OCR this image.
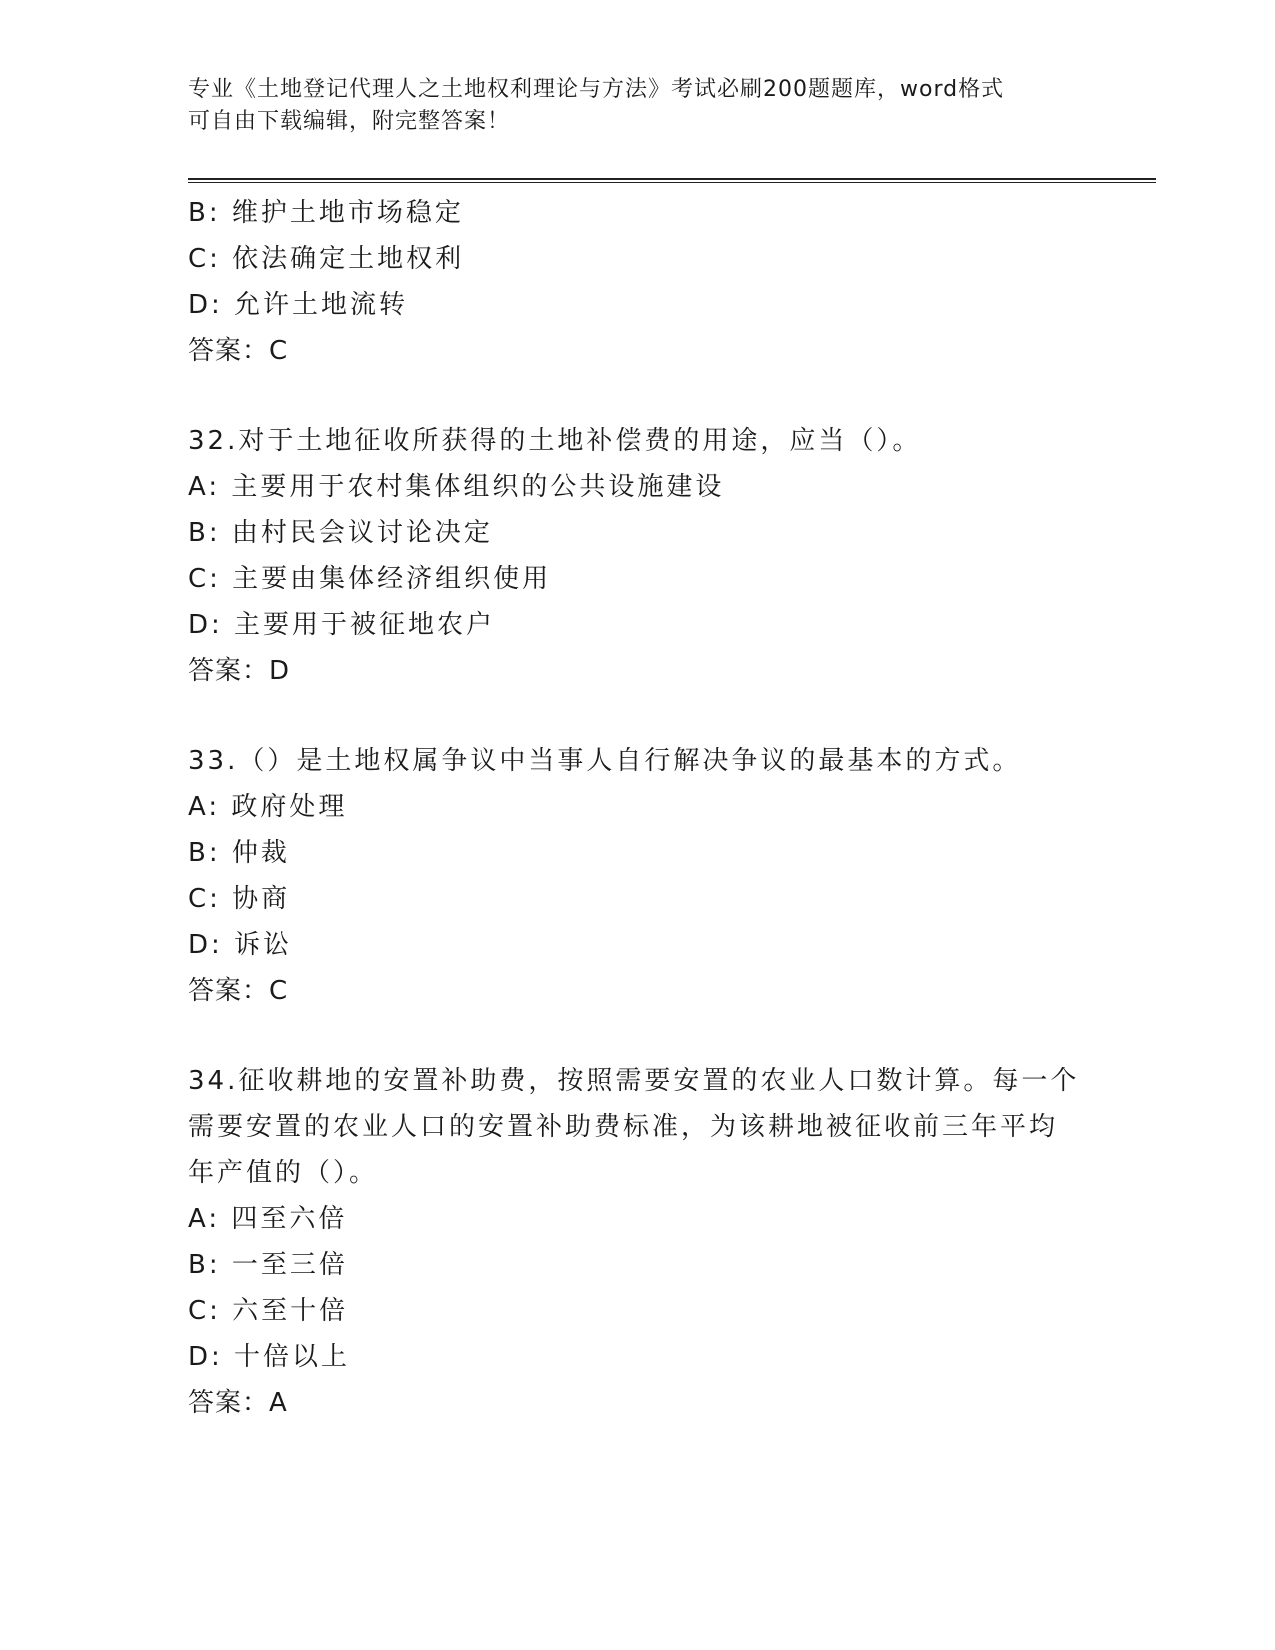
专业《土地登记代理人之土地权利理论与方法》考试必刷200题题库，word格式
可自由下载编辑，附完整答案！
B: 维护土地市场稳定
C: 依法确定土地权利
D: 允许土地流转
答案：C
32.对于土地征收所获得的土地补偿费的用途，应当（）。
A: 主要用于农村集体组织的公共设施建设
B: 由村民会议讨论决定
C: 主要由集体经济组织使用
D: 主要用于被征地农户
答案：D
33.（）是土地权属争议中当事人自行解决争议的最基本的方式。
A: 政府处理
B: 仲裁
C: 协商
D: 诉讼
答案：C
34.征收耕地的安置补助费，按照需要安置的农业人口数计算。每一个
需要安置的农业人口的安置补助费标准，为该耕地被征收前三年平均
年产值的（）。
A: 四至六倍
B: 一至三倍
C: 六至十倍
D: 十倍以上
答案：A
